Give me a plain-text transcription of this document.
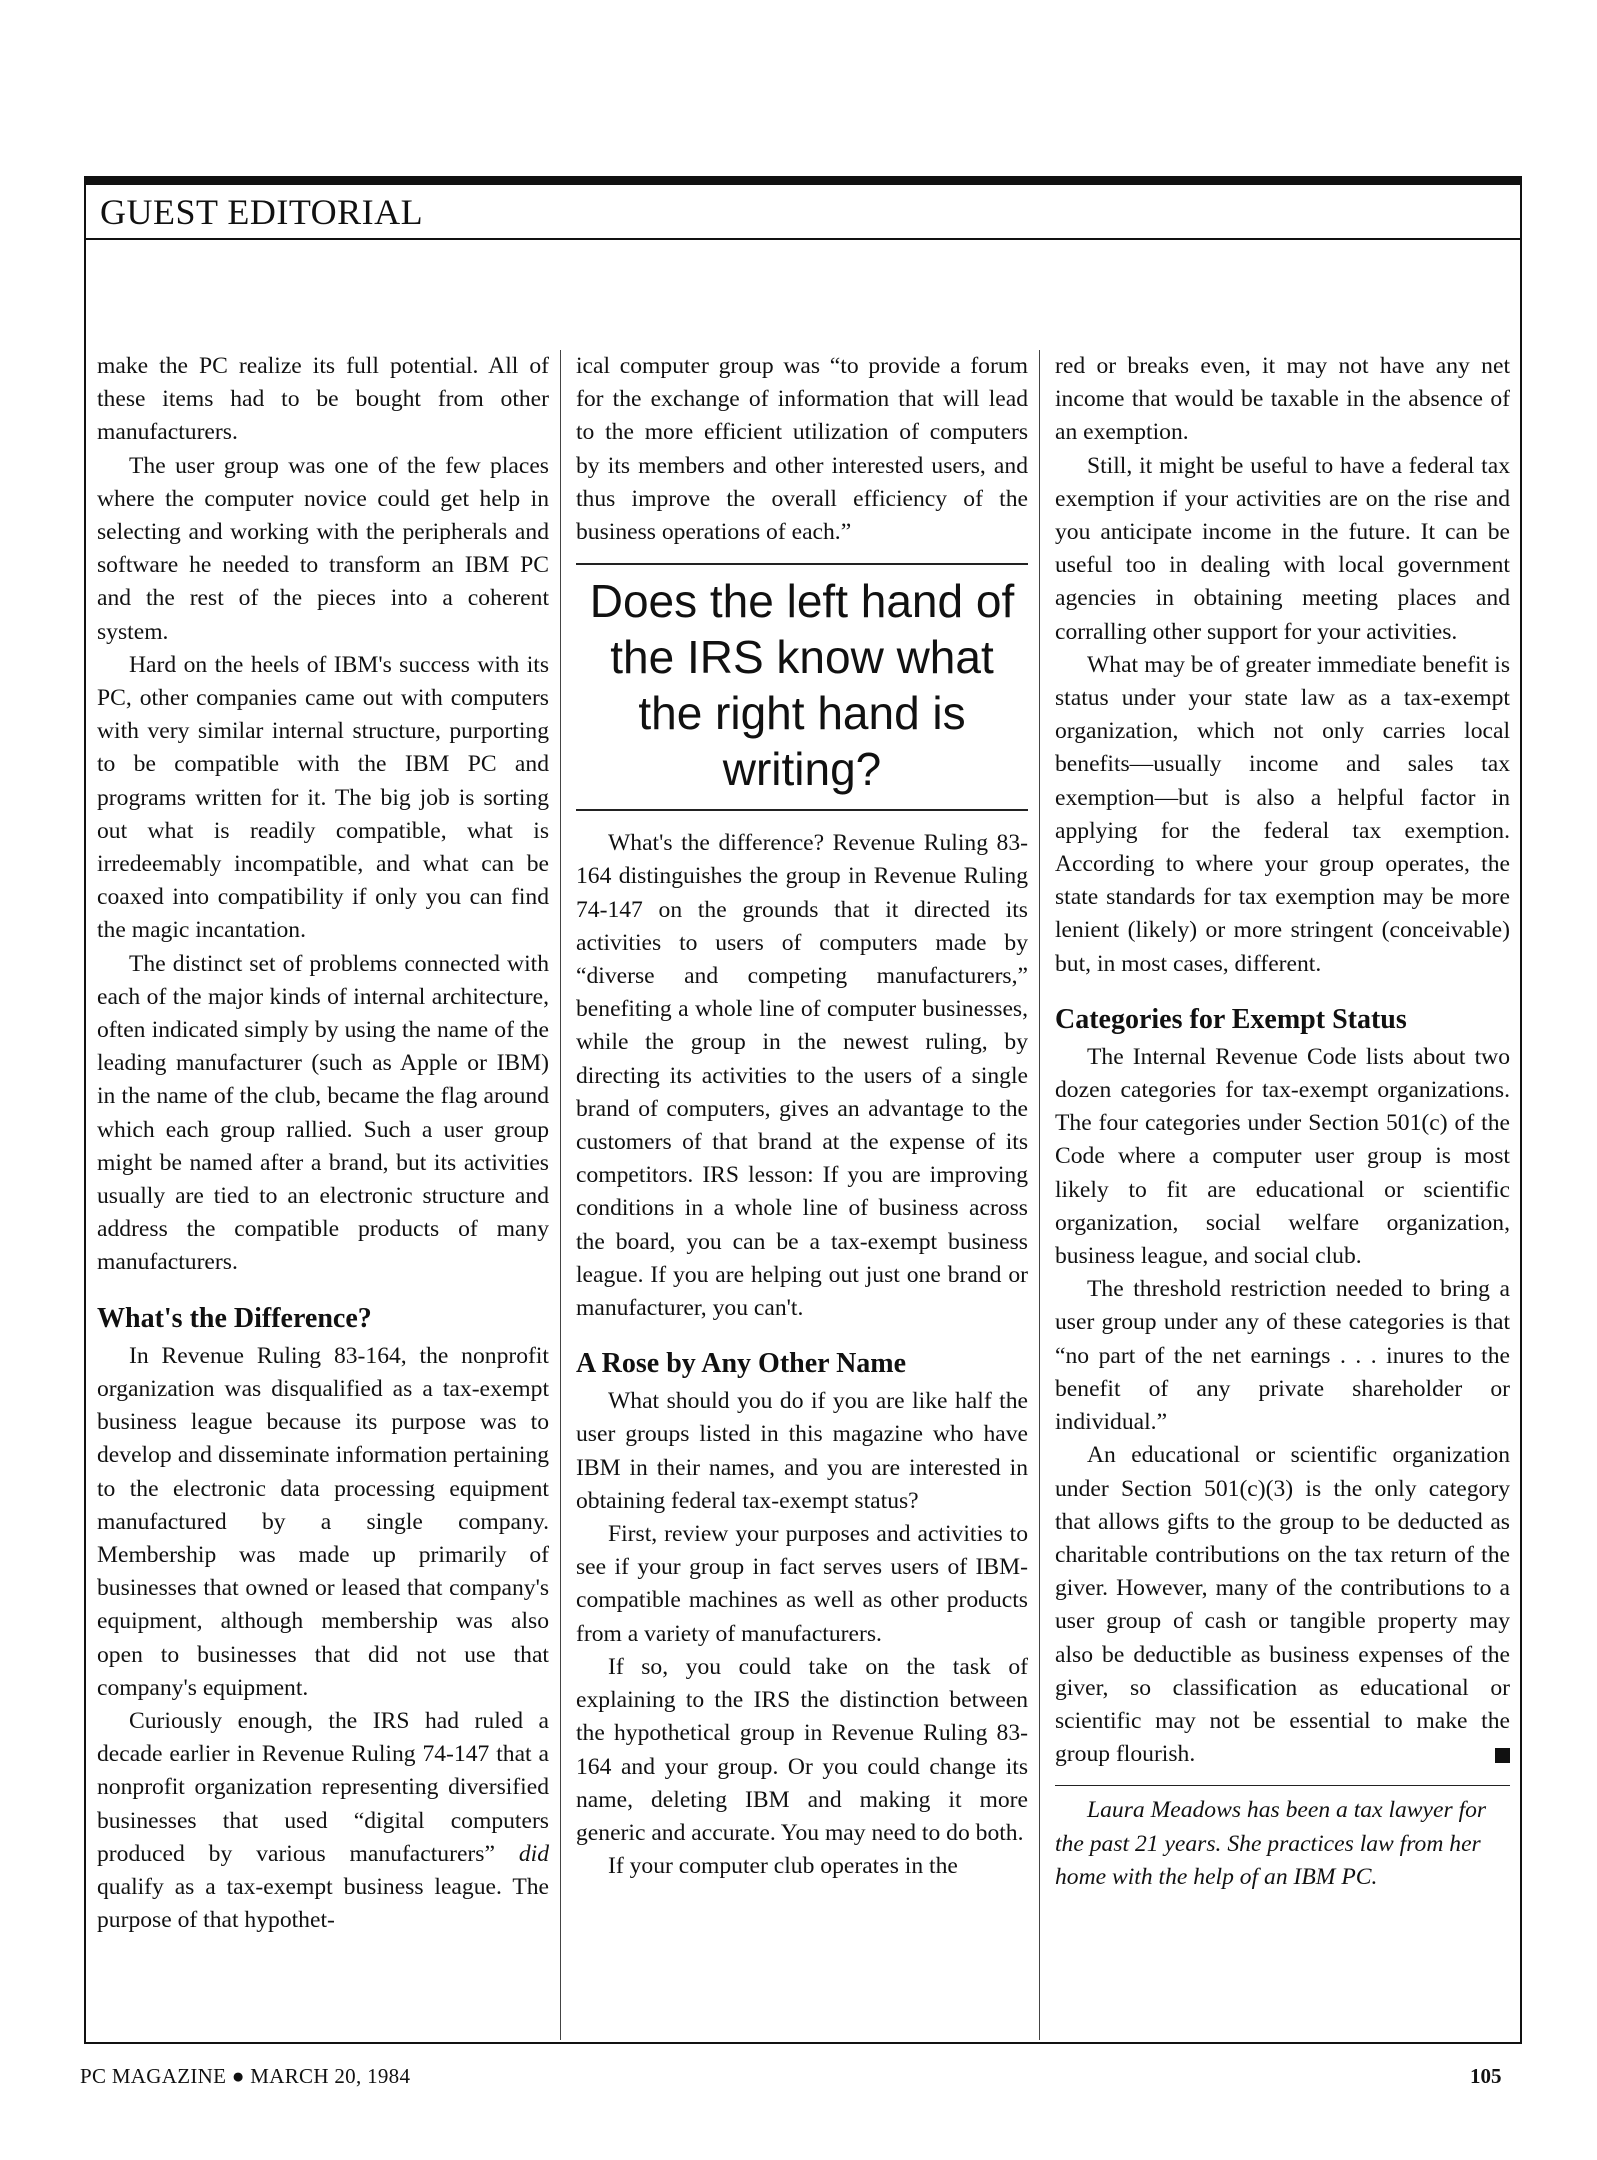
GUEST EDITORIAL

make the PC realize its full potential. All of these items had to be bought from other manufacturers.

The user group was one of the few places where the computer novice could get help in selecting and working with the peripherals and software he needed to transform an IBM PC and the rest of the pieces into a coherent system.

Hard on the heels of IBM's success with its PC, other companies came out with computers with very similar internal structure, purporting to be compatible with the IBM PC and programs written for it. The big job is sorting out what is readily compatible, what is irredeemably incompatible, and what can be coaxed into compatibility if only you can find the magic incantation.

The distinct set of problems connected with each of the major kinds of internal architecture, often indicated simply by using the name of the leading manufacturer (such as Apple or IBM) in the name of the club, became the flag around which each group rallied. Such a user group might be named after a brand, but its activities usually are tied to an electronic structure and address the compatible products of many manufacturers.

What's the Difference?

In Revenue Ruling 83-164, the nonprofit organization was disqualified as a tax-exempt business league because its purpose was to develop and disseminate information pertaining to the electronic data processing equipment manufactured by a single company. Membership was made up primarily of businesses that owned or leased that company's equipment, although membership was also open to businesses that did not use that company's equipment.

Curiously enough, the IRS had ruled a decade earlier in Revenue Ruling 74-147 that a nonprofit organization representing diversified businesses that used “digital computers produced by various manufacturers” did qualify as a tax-exempt business league. The purpose of that hypothet-

ical computer group was “to provide a forum for the exchange of information that will lead to the more efficient utilization of computers by its members and other interested users, and thus improve the overall efficiency of the business operations of each.”

Does the left hand of the IRS know what the right hand is writing?

What's the difference? Revenue Ruling 83-164 distinguishes the group in Revenue Ruling 74-147 on the grounds that it directed its activities to users of computers made by “diverse and competing manufacturers,” benefiting a whole line of computer businesses, while the group in the newest ruling, by directing its activities to the users of a single brand of computers, gives an advantage to the customers of that brand at the expense of its competitors. IRS lesson: If you are improving conditions in a whole line of business across the board, you can be a tax-exempt business league. If you are helping out just one brand or manufacturer, you can't.

A Rose by Any Other Name

What should you do if you are like half the user groups listed in this magazine who have IBM in their names, and you are interested in obtaining federal tax-exempt status?

First, review your purposes and activities to see if your group in fact serves users of IBM-compatible machines as well as other products from a variety of manufacturers.

If so, you could take on the task of explaining to the IRS the distinction between the hypothetical group in Revenue Ruling 83-164 and your group. Or you could change its name, deleting IBM and making it more generic and accurate. You may need to do both.

If your computer club operates in the

red or breaks even, it may not have any net income that would be taxable in the absence of an exemption.

Still, it might be useful to have a federal tax exemption if your activities are on the rise and you anticipate income in the future. It can be useful too in dealing with local government agencies in obtaining meeting places and corralling other support for your activities.

What may be of greater immediate benefit is status under your state law as a tax-exempt organization, which not only carries local benefits—usually income and sales tax exemption—but is also a helpful factor in applying for the federal tax exemption. According to where your group operates, the state standards for tax exemption may be more lenient (likely) or more stringent (conceivable) but, in most cases, different.

Categories for Exempt Status

The Internal Revenue Code lists about two dozen categories for tax-exempt organizations. The four categories under Section 501(c) of the Code where a computer user group is most likely to fit are educational or scientific organization, social welfare organization, business league, and social club.

The threshold restriction needed to bring a user group under any of these categories is that “no part of the net earnings . . . inures to the benefit of any private shareholder or individual.”

An educational or scientific organization under Section 501(c)(3) is the only category that allows gifts to the group to be deducted as charitable contributions on the tax return of the giver. However, many of the contributions to a user group of cash or tangible property may also be deductible as business expenses of the giver, so classification as educational or scientific may not be essential to make the group flourish.

Laura Meadows has been a tax lawyer for the past 21 years. She practices law from her home with the help of an IBM PC.

PC MAGAZINE ● MARCH 20, 1984	105
